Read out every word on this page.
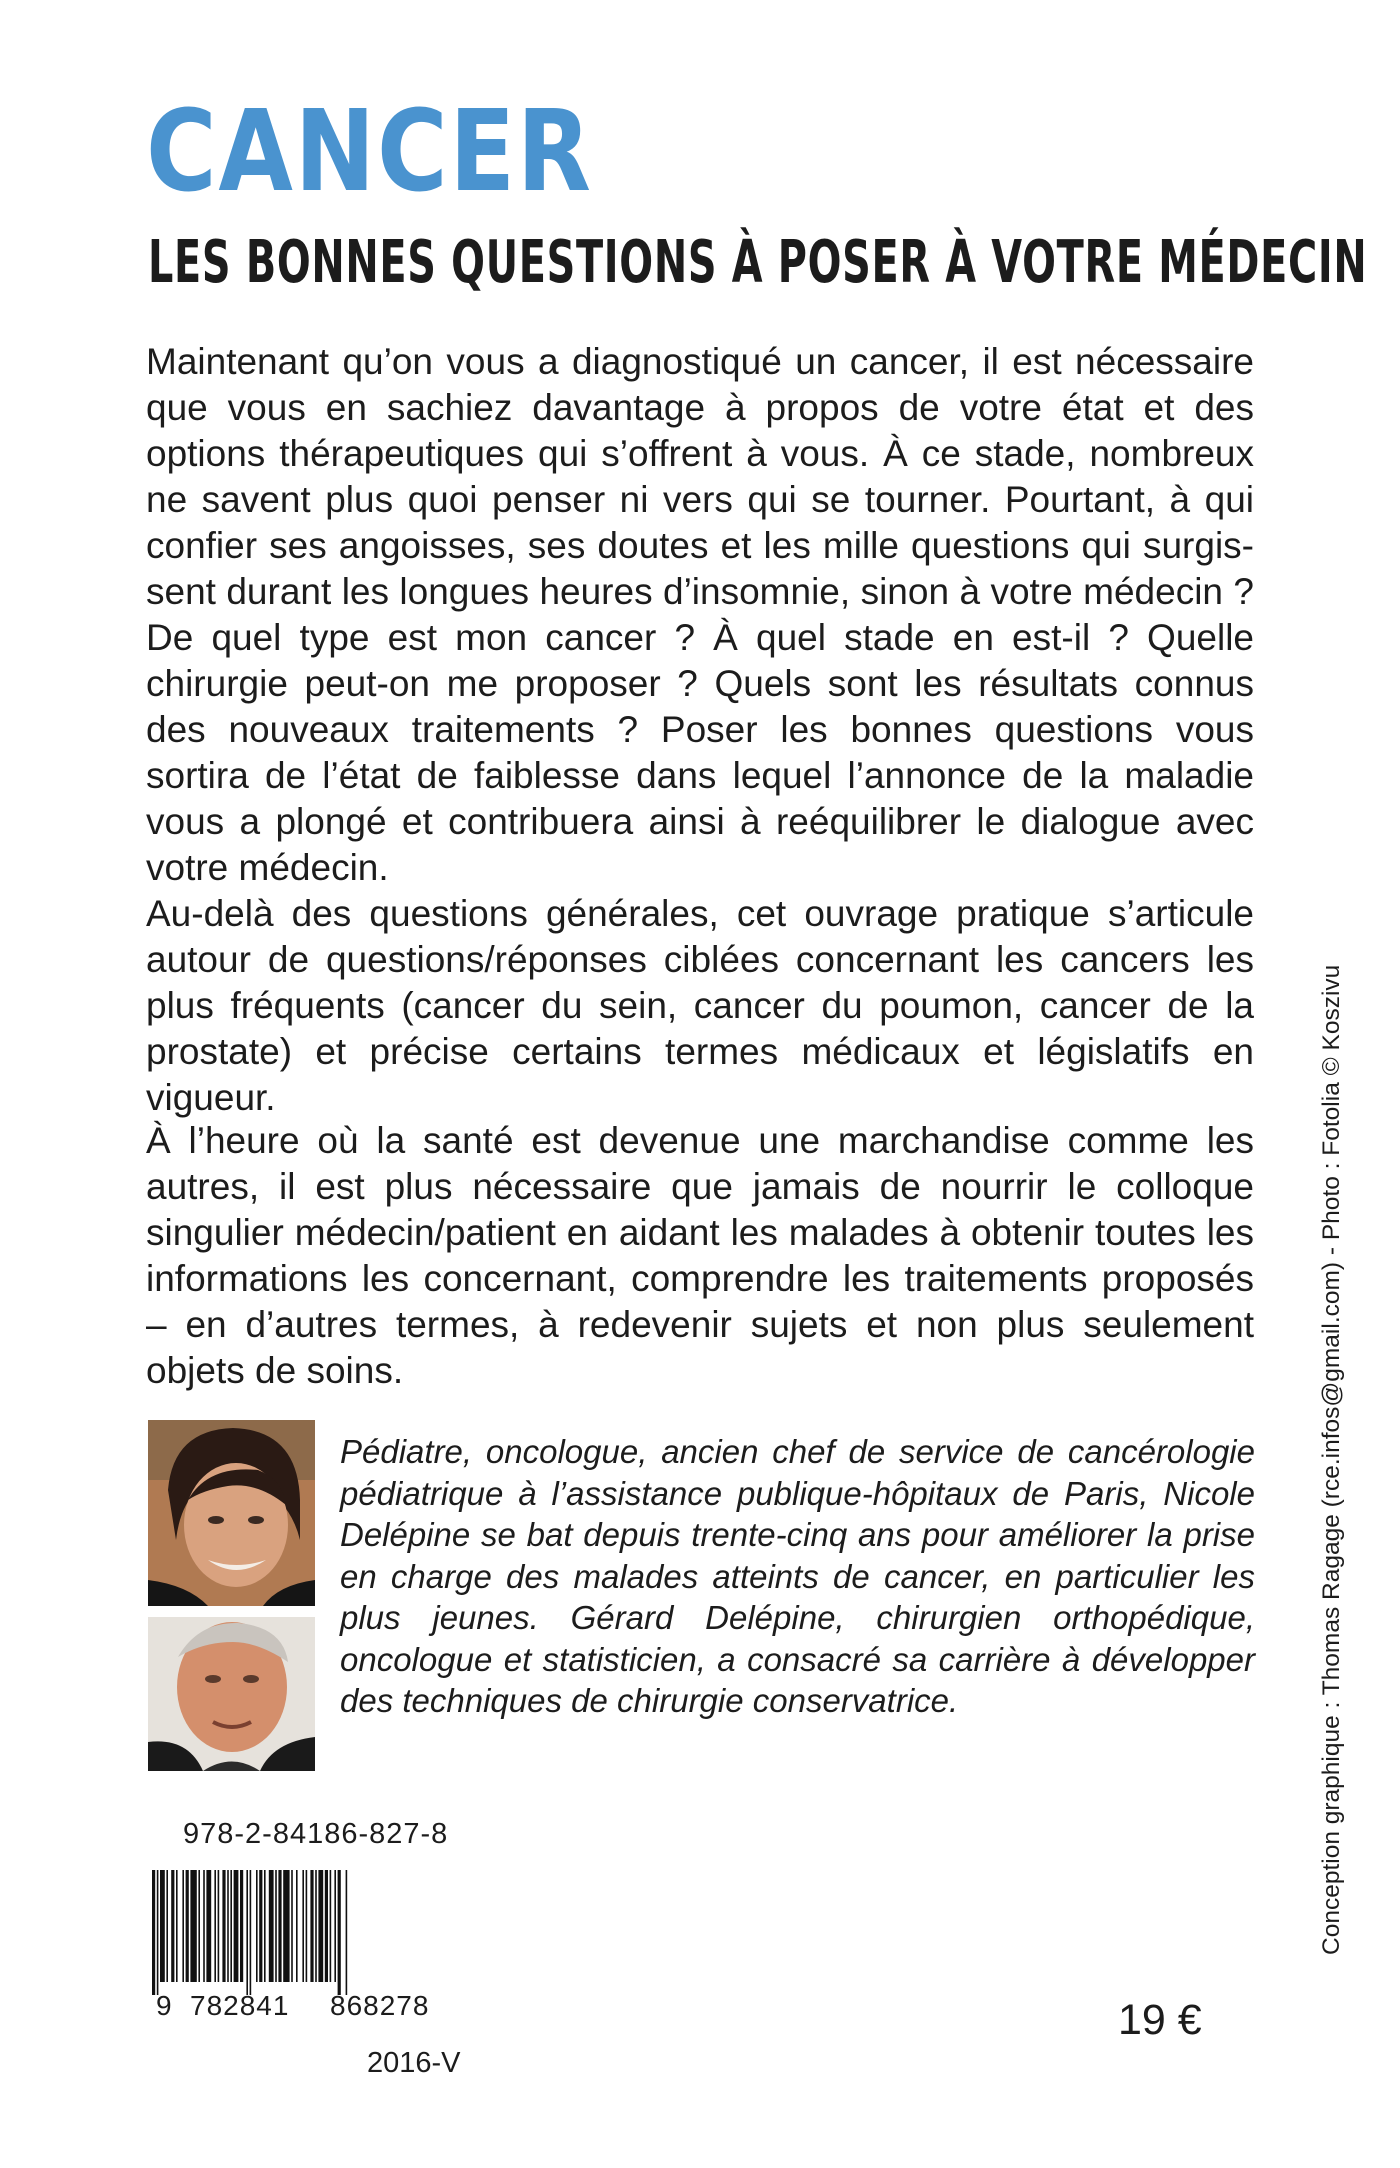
CANCER
LES BONNES QUESTIONS À POSER À VOTRE MÉDECIN
Maintenant qu’on vous a diagnostiqué un cancer, il est nécessaire que vous en sachiez davantage à propos de votre état et des options thérapeutiques qui s’offrent à vous. À ce stade, nombreux ne savent plus quoi penser ni vers qui se tourner. Pourtant, à qui confier ses angoisses, ses doutes et les mille questions qui surgissent durant les longues heures d’insomnie, sinon à votre médecin ? De quel type est mon cancer ? À quel stade en est-il ? Quelle chirurgie peut-on me proposer ? Quels sont les résultats connus des nouveaux traitements ? Poser les bonnes questions vous sortira de l’état de faiblesse dans lequel l’annonce de la maladie vous a plongé et contribuera ainsi à reéquilibrer le dialogue avec votre médecin.
Au-delà des questions générales, cet ouvrage pratique s’articule autour de questions/réponses ciblées concernant les cancers les plus fréquents (cancer du sein, cancer du poumon, cancer de la prostate) et précise certains termes médicaux et législatifs en vigueur.

À l’heure où la santé est devenue une marchandise comme les autres, il est plus nécessaire que jamais de nourrir le colloque singulier médecin/patient en aidant les malades à obtenir toutes les informations les concernant, comprendre les traitements proposés – en d’autres termes, à redevenir sujets et non plus seulement objets de soins.

Pédiatre, oncologue, ancien chef de service de cancérologie pédiatrique à l’assistance publique-hôpitaux de Paris, Nicole Delépine se bat depuis trente-cinq ans pour améliorer la prise en charge des malades atteints de cancer, en particulier les plus jeunes. Gérard Delépine, chirurgien orthopédique, oncologue et statisticien, a consacré sa carrière à développer des techniques de chirurgie conservatrice.

978-2-84186-827-8
9 782841 868278
2016-V
19 €
Conception graphique : Thomas Ragage (rce.infos@gmail.com) - Photo : Fotolia © Koszivu
